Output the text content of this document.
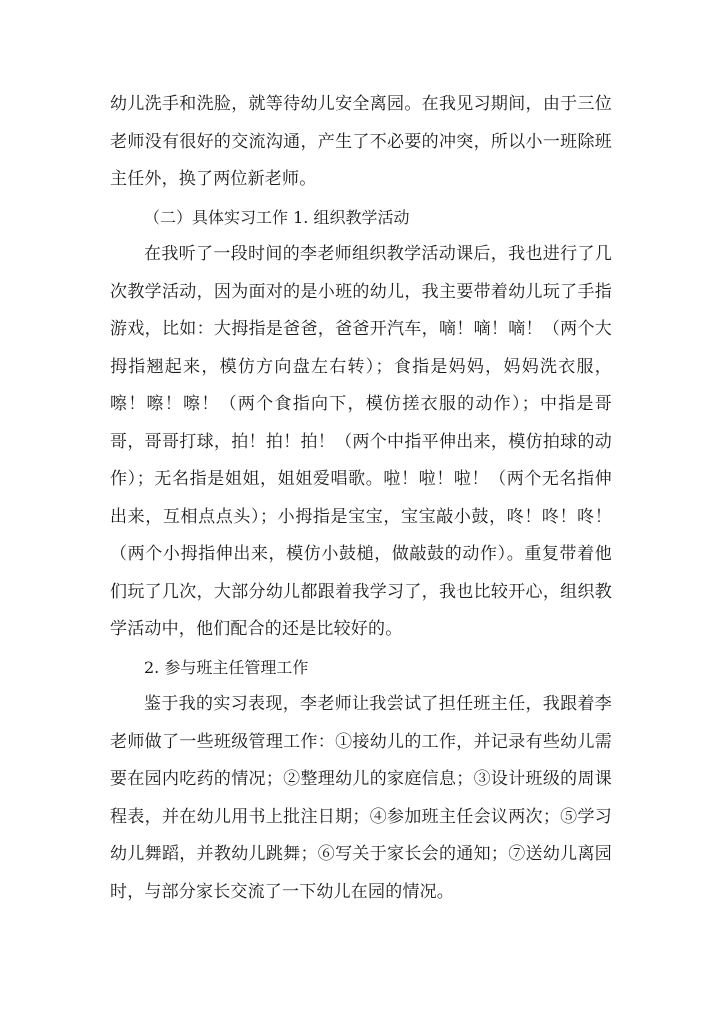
幼儿洗手和洗脸，就等待幼儿安全离园。在我见习期间，由于三位老师没有很好的交流沟通，产生了不必要的冲突，所以小一班除班主任外，换了两位新老师。

（二）具体实习工作 1. 组织教学活动

在我听了一段时间的李老师组织教学活动课后，我也进行了几次教学活动，因为面对的是小班的幼儿，我主要带着幼儿玩了手指游戏，比如：大拇指是爸爸，爸爸开汽车，嘀！嘀！嘀！（两个大拇指翘起来，模仿方向盘左右转）；食指是妈妈，妈妈洗衣服，嚓！嚓！嚓！（两个食指向下，模仿搓衣服的动作）；中指是哥哥，哥哥打球，拍！拍！拍！（两个中指平伸出来，模仿拍球的动作）；无名指是姐姐，姐姐爱唱歌。啦！啦！啦！（两个无名指伸出来，互相点点头）；小拇指是宝宝，宝宝敲小鼓，咚！咚！咚！（两个小拇指伸出来，模仿小鼓槌，做敲鼓的动作）。重复带着他们玩了几次，大部分幼儿都跟着我学习了，我也比较开心，组织教学活动中，他们配合的还是比较好的。

2. 参与班主任管理工作

鉴于我的实习表现，李老师让我尝试了担任班主任，我跟着李老师做了一些班级管理工作：①接幼儿的工作，并记录有些幼儿需要在园内吃药的情况；②整理幼儿的家庭信息；③设计班级的周课程表，并在幼儿用书上批注日期；④参加班主任会议两次；⑤学习幼儿舞蹈，并教幼儿跳舞；⑥写关于家长会的通知；⑦送幼儿离园时，与部分家长交流了一下幼儿在园的情况。
